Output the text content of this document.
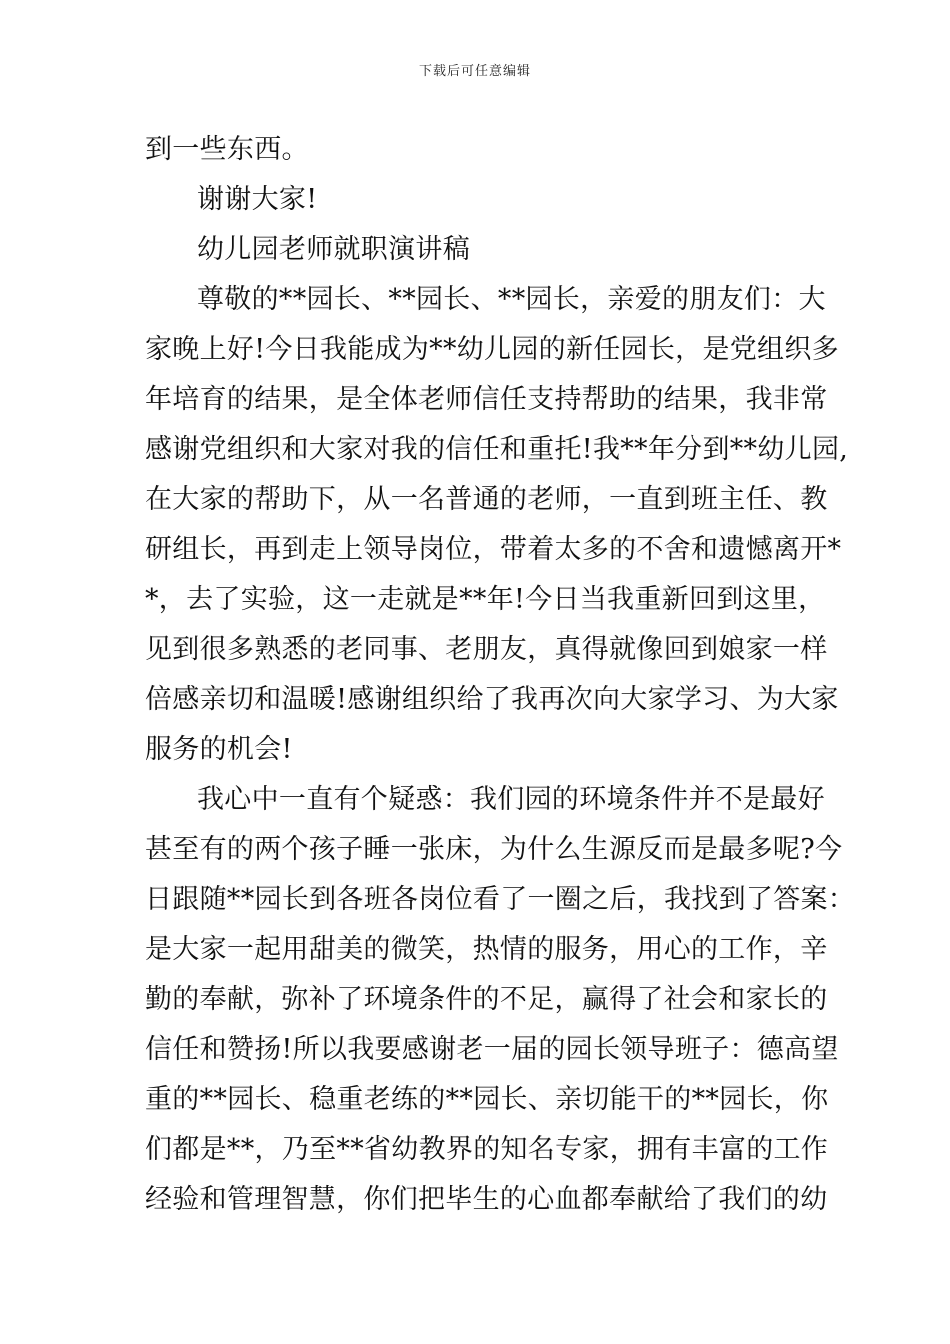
下载后可任意编辑
到一些东西。
谢谢大家!
幼儿园老师就职演讲稿
尊敬的**园长、**园长、**园长，亲爱的朋友们：大
家晚上好!今日我能成为**幼儿园的新任园长，是党组织多
年培育的结果，是全体老师信任支持帮助的结果，我非常
感谢党组织和大家对我的信任和重托!我**年分到**幼儿园,
在大家的帮助下，从一名普通的老师，一直到班主任、教
研组长，再到走上领导岗位，带着太多的不舍和遗憾离开*
*，去了实验，这一走就是**年!今日当我重新回到这里，
见到很多熟悉的老同事、老朋友，真得就像回到娘家一样
倍感亲切和温暖!感谢组织给了我再次向大家学习、为大家
服务的机会!
我心中一直有个疑惑：我们园的环境条件并不是最好
甚至有的两个孩子睡一张床，为什么生源反而是最多呢?今
日跟随**园长到各班各岗位看了一圈之后，我找到了答案：
是大家一起用甜美的微笑，热情的服务，用心的工作，辛
勤的奉献，弥补了环境条件的不足，赢得了社会和家长的
信任和赞扬!所以我要感谢老一届的园长领导班子：德高望
重的**园长、稳重老练的**园长、亲切能干的**园长，你
们都是**，乃至**省幼教界的知名专家，拥有丰富的工作
经验和管理智慧，你们把毕生的心血都奉献给了我们的幼
